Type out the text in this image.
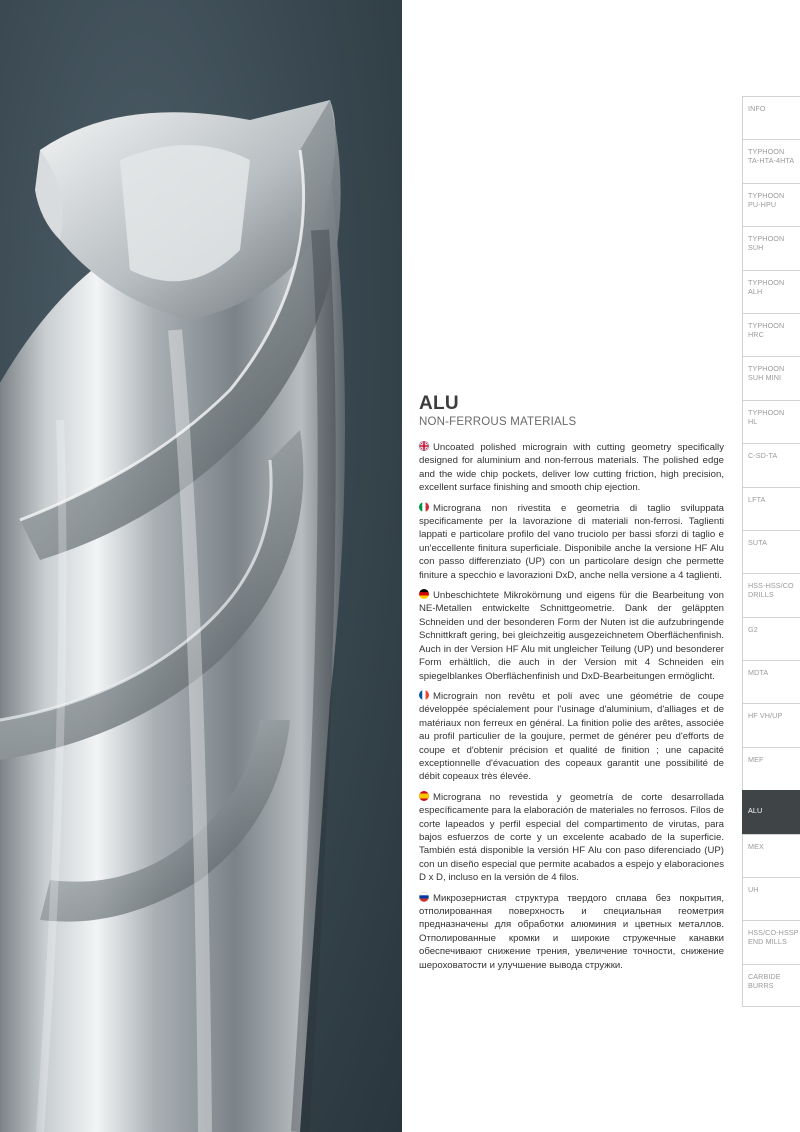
ALU
NON-FERROUS MATERIALS

Uncoated polished micrograin with cutting geometry specifically designed for aluminium and non-ferrous materials. The polished edge and the wide chip pockets, deliver low cutting friction, high precision, excellent surface finishing and smooth chip ejection.

Micrograna non rivestita e geometria di taglio sviluppata specificamente per la lavorazione di materiali non-ferrosi. Taglienti lappati e particolare profilo del vano truciolo per bassi sforzi di taglio e un'eccellente finitura superficiale. Disponibile anche la versione HF Alu con passo differenziato (UP) con un particolare design che permette finiture a specchio e lavorazioni DxD, anche nella versione a 4 taglienti.

Unbeschichtete Mikrokörnung und eigens für die Bearbeitung von NE-Metallen entwickelte Schnittgeometrie. Dank der geläppten Schneiden und der besonderen Form der Nuten ist die aufzubringende Schnittkraft gering, bei gleichzeitig ausgezeichnetem Oberflächenfinish. Auch in der Version HF Alu mit ungleicher Teilung (UP) und besonderer Form erhältlich, die auch in der Version mit 4 Schneiden ein spiegelblankes Oberflächenfinish und DxD-Bearbeitungen ermöglicht.

Micrograin non revêtu et poli avec une géométrie de coupe développée spécialement pour l'usinage d'aluminium, d'alliages et de matériaux non ferreux en général. La finition polie des arêtes, associée au profil particulier de la goujure, permet de générer peu d'efforts de coupe et d'obtenir précision et qualité de finition ; une capacité exceptionnelle d'évacuation des copeaux garantit une possibilité de débit copeaux très élevée.

Micrograna no revestida y geometría de corte desarrollada específicamente para la elaboración de materiales no ferrosos. Filos de corte lapeados y perfil especial del compartimento de virutas, para bajos esfuerzos de corte y un excelente acabado de la superficie. También está disponible la versión HF Alu con paso diferenciado (UP) con un diseño especial que permite acabados a espejo y elaboraciones D x D, incluso en la versión de 4 filos.

Микрозернистая структура твердого сплава без покрытия, отполированная поверхность и специальная геометрия предназначены для обработки алюминия и цветных металлов. Отполированные кромки и широкие стружечные канавки обеспечивают снижение трения, увеличение точности, снижение шероховатости и улучшение вывода стружки.

INFO
TYPHOON
TA-HTA-4HTA
TYPHOON
PU-HPU
TYPHOON
SUH
TYPHOON
ALH
TYPHOON
HRC
TYPHOON
SUH MINI
TYPHOON
HL
C-SD-TA
LFTA
SUTA
HSS-HSS/CO
DRILLS
G2
MDTA
HF VH/UP
MEF
ALU
MEX
UH
HSS/CO-HSSP
END MILLS
CARBIDE
BURRS
